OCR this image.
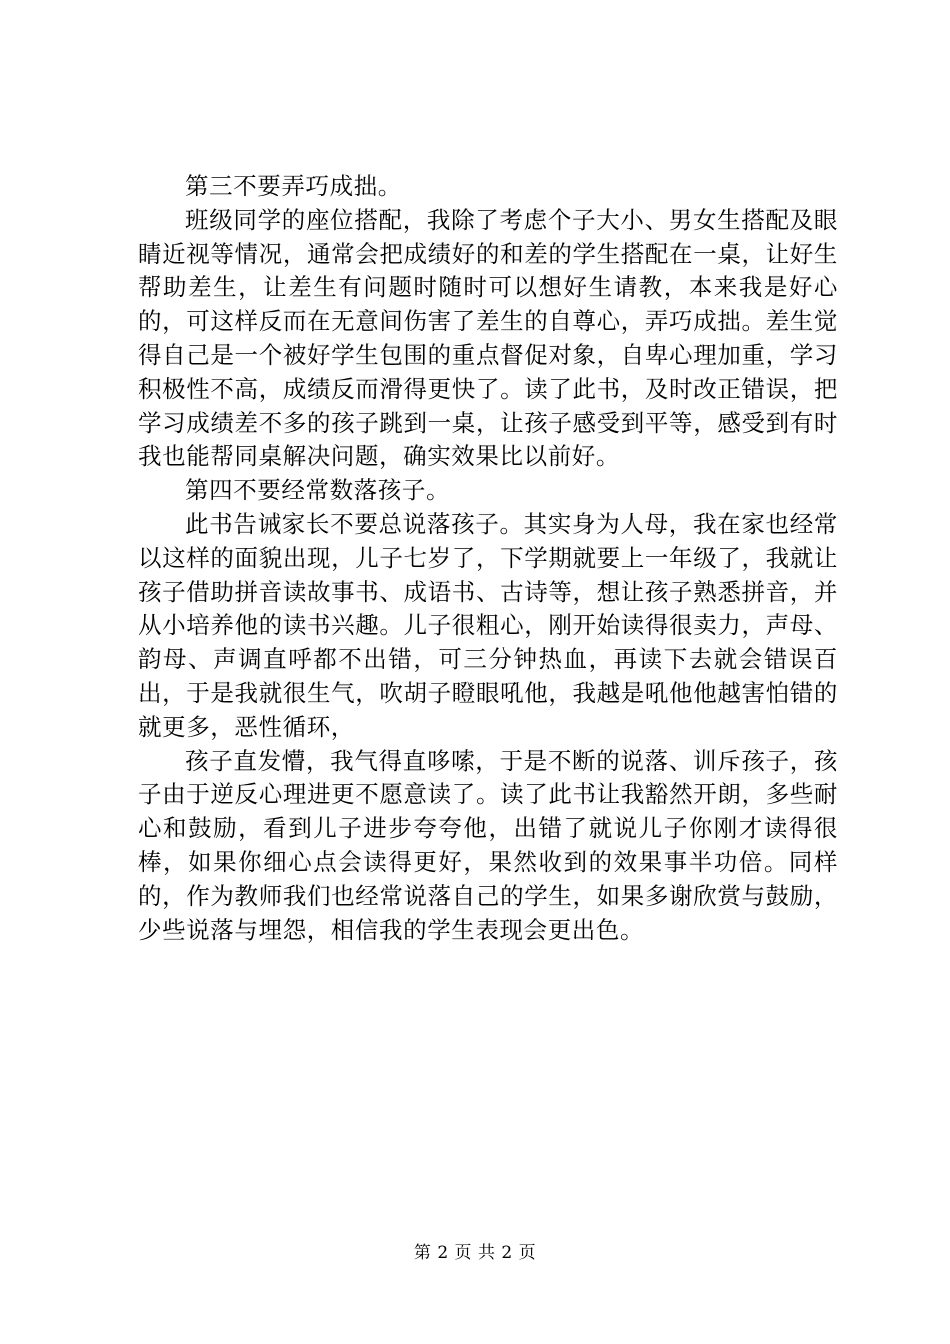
第三不要弄巧成拙。

班级同学的座位搭配，我除了考虑个子大小、男女生搭配及眼睛近视等情况，通常会把成绩好的和差的学生搭配在一桌，让好生帮助差生，让差生有问题时随时可以想好生请教，本来我是好心的，可这样反而在无意间伤害了差生的自尊心，弄巧成拙。差生觉得自己是一个被好学生包围的重点督促对象，自卑心理加重，学习积极性不高，成绩反而滑得更快了。读了此书，及时改正错误，把学习成绩差不多的孩子跳到一桌，让孩子感受到平等，感受到有时我也能帮同桌解决问题，确实效果比以前好。

第四不要经常数落孩子。

此书告诫家长不要总说落孩子。其实身为人母，我在家也经常以这样的面貌出现，儿子七岁了，下学期就要上一年级了，我就让孩子借助拼音读故事书、成语书、古诗等，想让孩子熟悉拼音，并从小培养他的读书兴趣。儿子很粗心，刚开始读得很卖力，声母、韵母、声调直呼都不出错，可三分钟热血，再读下去就会错误百出，于是我就很生气，吹胡子瞪眼吼他，我越是吼他他越害怕错的就更多，恶性循环，

孩子直发懵，我气得直哆嗦，于是不断的说落、训斥孩子，孩子由于逆反心理进更不愿意读了。读了此书让我豁然开朗，多些耐心和鼓励，看到儿子进步夸夸他，出错了就说儿子你刚才读得很棒，如果你细心点会读得更好，果然收到的效果事半功倍。同样的，作为教师我们也经常说落自己的学生，如果多谢欣赏与鼓励，少些说落与埋怨，相信我的学生表现会更出色。

第 2 页 共 2 页
